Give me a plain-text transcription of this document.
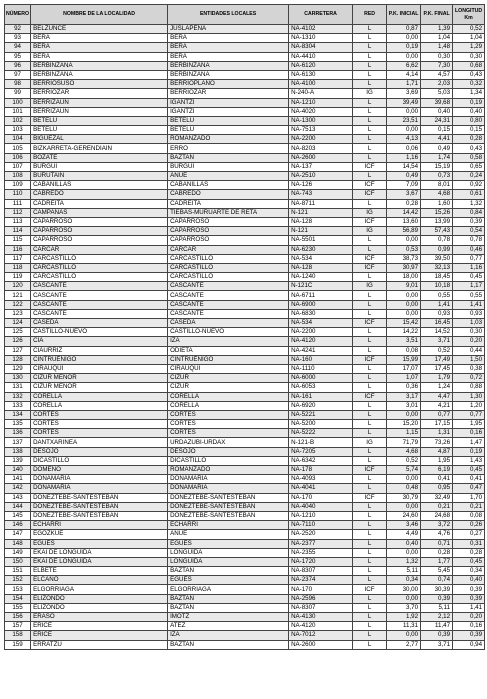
NÚMERO	NOMBRE DE LA LOCALIDAD	ENTIDADES LOCALES	CARRETERA	RED	P.K. INICIAL	P.K. FINAL	LONGITUD Km
92	BELZUNCE	JUSLAPEÑA	NA-4102	L	0,87	1,39	0,52
93	BERA	BERA	NA-1310	L	0,00	1,04	1,04
94	BERA	BERA	NA-8304	L	0,19	1,48	1,29
95	BERA	BERA	NA-4410	L	0,00	0,30	0,30
96	BERBINZANA	BERBINZANA	NA-6120	L	6,62	7,30	0,68
97	BERBINZANA	BERBINZANA	NA-6130	L	4,14	4,57	0,43
98	BERRIOSUSO	BERRIOPLANO	NA-4100	L	1,71	2,03	0,32
99	BERRIOZAR	BERRIOZAR	N-240-A	IG	3,69	5,03	1,34
100	BERRIZAUN	IGANTZI	NA-1210	L	39,49	39,68	0,19
101	BERRIZAUN	IGANTZI	NA-4020	L	0,00	0,40	0,40
102	BETELU	BETELU	NA-1300	L	23,51	24,31	0,80
103	BETELU	BETELU	NA-7513	L	0,00	0,15	0,15
104	BIGÜEZAL	ROMANZADO	NA-2200	L	4,13	4,41	0,28
105	BIZKARRETA-GERENDIAIN	ERRO	NA-8203	L	0,06	0,49	0,43
106	BOZATE	BAZTAN	NA-2600	L	1,16	1,74	0,58
107	BURGUI	BURGUI	NA-137	ICF	14,54	15,19	0,65
108	BURUTAIN	ANUE	NA-2510	L	0,49	0,73	0,24
109	CABANILLAS	CABANILLAS	NA-126	ICF	7,09	8,01	0,92
110	CABREDO	CABREDO	NA-743	ICF	3,67	4,68	0,61
111	CADREITA	CADREITA	NA-8711	L	0,28	1,60	1,32
112	CAMPANAS	TIEBAS-MURUARTE DE RETA	N-121	IG	14,42	15,26	0,84
113	CAPARROSO	CAPARROSO	NA-128	ICF	13,60	13,99	0,39
114	CAPARROSO	CAPARROSO	N-121	IG	56,89	57,43	0,54
115	CAPARROSO	CAPARROSO	NA-5501	L	0,00	0,78	0,78
116	CÁRCAR	CÁRCAR	NA-6230	L	0,53	0,99	0,46
117	CARCASTILLO	CARCASTILLO	NA-534	ICF	38,73	39,50	0,77
118	CARCASTILLO	CARCASTILLO	NA-128	ICF	30,97	32,13	1,16
119	CARCASTILLO	CARCASTILLO	NA-1240	L	18,00	18,45	0,45
120	CASCANTE	CASCANTE	N-121C	IG	9,01	10,18	1,17
121	CASCANTE	CASCANTE	NA-6711	L	0,00	0,55	0,55
122	CASCANTE	CASCANTE	NA-6900	L	0,00	1,41	1,41
123	CASCANTE	CASCANTE	NA-6830	L	0,00	0,93	0,93
124	CÁSEDA	CÁSEDA	NA-534	ICF	15,42	16,45	1,03
125	CASTILLO-NUEVO	CASTILLO-NUEVO	NA-2200	L	14,22	14,52	0,30
126	CÍA	IZA	NA-4120	L	3,51	3,71	0,20
127	CIÁURRIZ	ODIETA	NA-4241	L	0,08	0,52	0,44
128	CINTRUÉNIGO	CINTRUÉNIGO	NA-160	ICF	15,99	17,49	1,50
129	CIRAUQUI	CIRAUQUI	NA-1110	L	17,07	17,45	0,38
130	CIZUR MENOR	CIZUR	NA-6000	L	1,07	1,79	0,72
131	CIZUR MENOR	CIZUR	NA-6053	L	0,36	1,24	0,88
132	CORELLA	CORELLA	NA-161	ICF	3,17	4,47	1,30
133	CORELLA	CORELLA	NA-6920	L	3,01	4,21	1,20
134	CORTES	CORTES	NA-5221	L	0,00	0,77	0,77
135	CORTES	CORTES	NA-5200	L	15,20	17,15	1,95
136	CORTES	CORTES	NA-5222	L	1,15	1,31	0,16
137	DANTXARINEA	URDAZUBI-URDAX	N-121-B	IG	71,79	73,26	1,47
138	DESOJO	DESOJO	NA-7205	L	4,68	4,87	0,19
139	DICASTILLO	DICASTILLO	NA-6342	L	0,52	1,95	1,43
140	DOMEÑO	ROMANZADO	NA-178	ICF	5,74	6,19	0,45
141	DONAMARIA	DONAMARIA	NA-4093	L	0,00	0,41	0,41
142	DONAMARIA	DONAMARIA	NA-4041	L	0,48	0,95	0,47
143	DONEZTEBE-SANTESTEBAN	DONEZTEBE-SANTESTEBAN	NA-170	ICF	30,79	32,49	1,70
144	DONEZTEBE-SANTESTEBAN	DONEZTEBE-SANTESTEBAN	NA-4040	L	0,00	0,21	0,21
145	DONEZTEBE-SANTESTEBAN	DONEZTEBE-SANTESTEBAN	NA-1210	L	24,60	24,68	0,08
146	ECHARRI	ECHARRI	NA-7110	L	3,46	3,72	0,26
147	EGOZKUE	ANUE	NA-2520	L	4,49	4,76	0,27
148	EGUÉS	EGUÉS	NA-2377	L	0,40	0,71	0,31
149	EKAI DE LÓNGUIDA	LÓNGUIDA	NA-2355	L	0,00	0,28	0,28
150	EKAI DE LÓNGUIDA	LÓNGUIDA	NA-1720	L	1,32	1,77	0,45
151	ELBETE	BAZTAN	NA-8307	L	5,11	5,45	0,34
152	ELCANO	EGUÉS	NA-2374	L	0,34	0,74	0,40
153	ELGORRIAGA	ELGORRIAGA	NA-170	ICF	30,00	30,39	0,39
154	ELIZONDO	BAZTAN	NA-2596	L	0,00	0,39	0,39
155	ELIZONDO	BAZTAN	NA-8307	L	3,70	5,11	1,41
156	ERASO	IMOTZ	NA-4130	L	1,92	2,12	0,20
157	ERICE	ATEZ	NA-4120	L	11,31	11,47	0,16
158	ERICE	IZA	NA-7012	L	0,00	0,39	0,39
159	ERRATZU	BAZTAN	NA-2600	L	2,77	3,71	0,94
